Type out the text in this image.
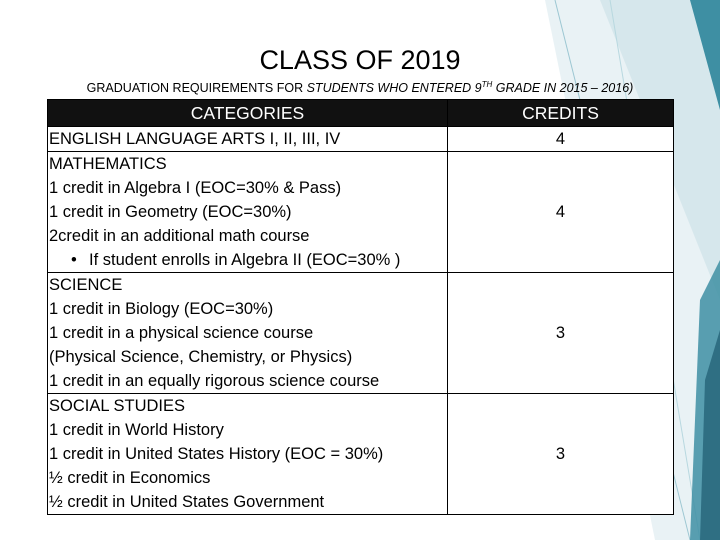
CLASS OF 2019
GRADUATION REQUIREMENTS FOR STUDENTS WHO ENTERED 9TH GRADE IN 2015 – 2016)
CATEGORIES	CREDITS

ENGLISH LANGUAGE ARTS I, II, III, IV	4

MATHEMATICS
1 credit in Algebra I (EOC=30% & Pass)
1 credit in Geometry (EOC=30%)
2credit in an additional math course
• If student enrolls in Algebra II (EOC=30% )	4

SCIENCE
1 credit in Biology (EOC=30%)
1 credit in a physical science course
(Physical Science, Chemistry, or Physics)
1 credit in an equally rigorous science course	3

SOCIAL STUDIES
1 credit in World History
1 credit in United States History (EOC = 30%)
½ credit in Economics
½ credit in United States Government	3
